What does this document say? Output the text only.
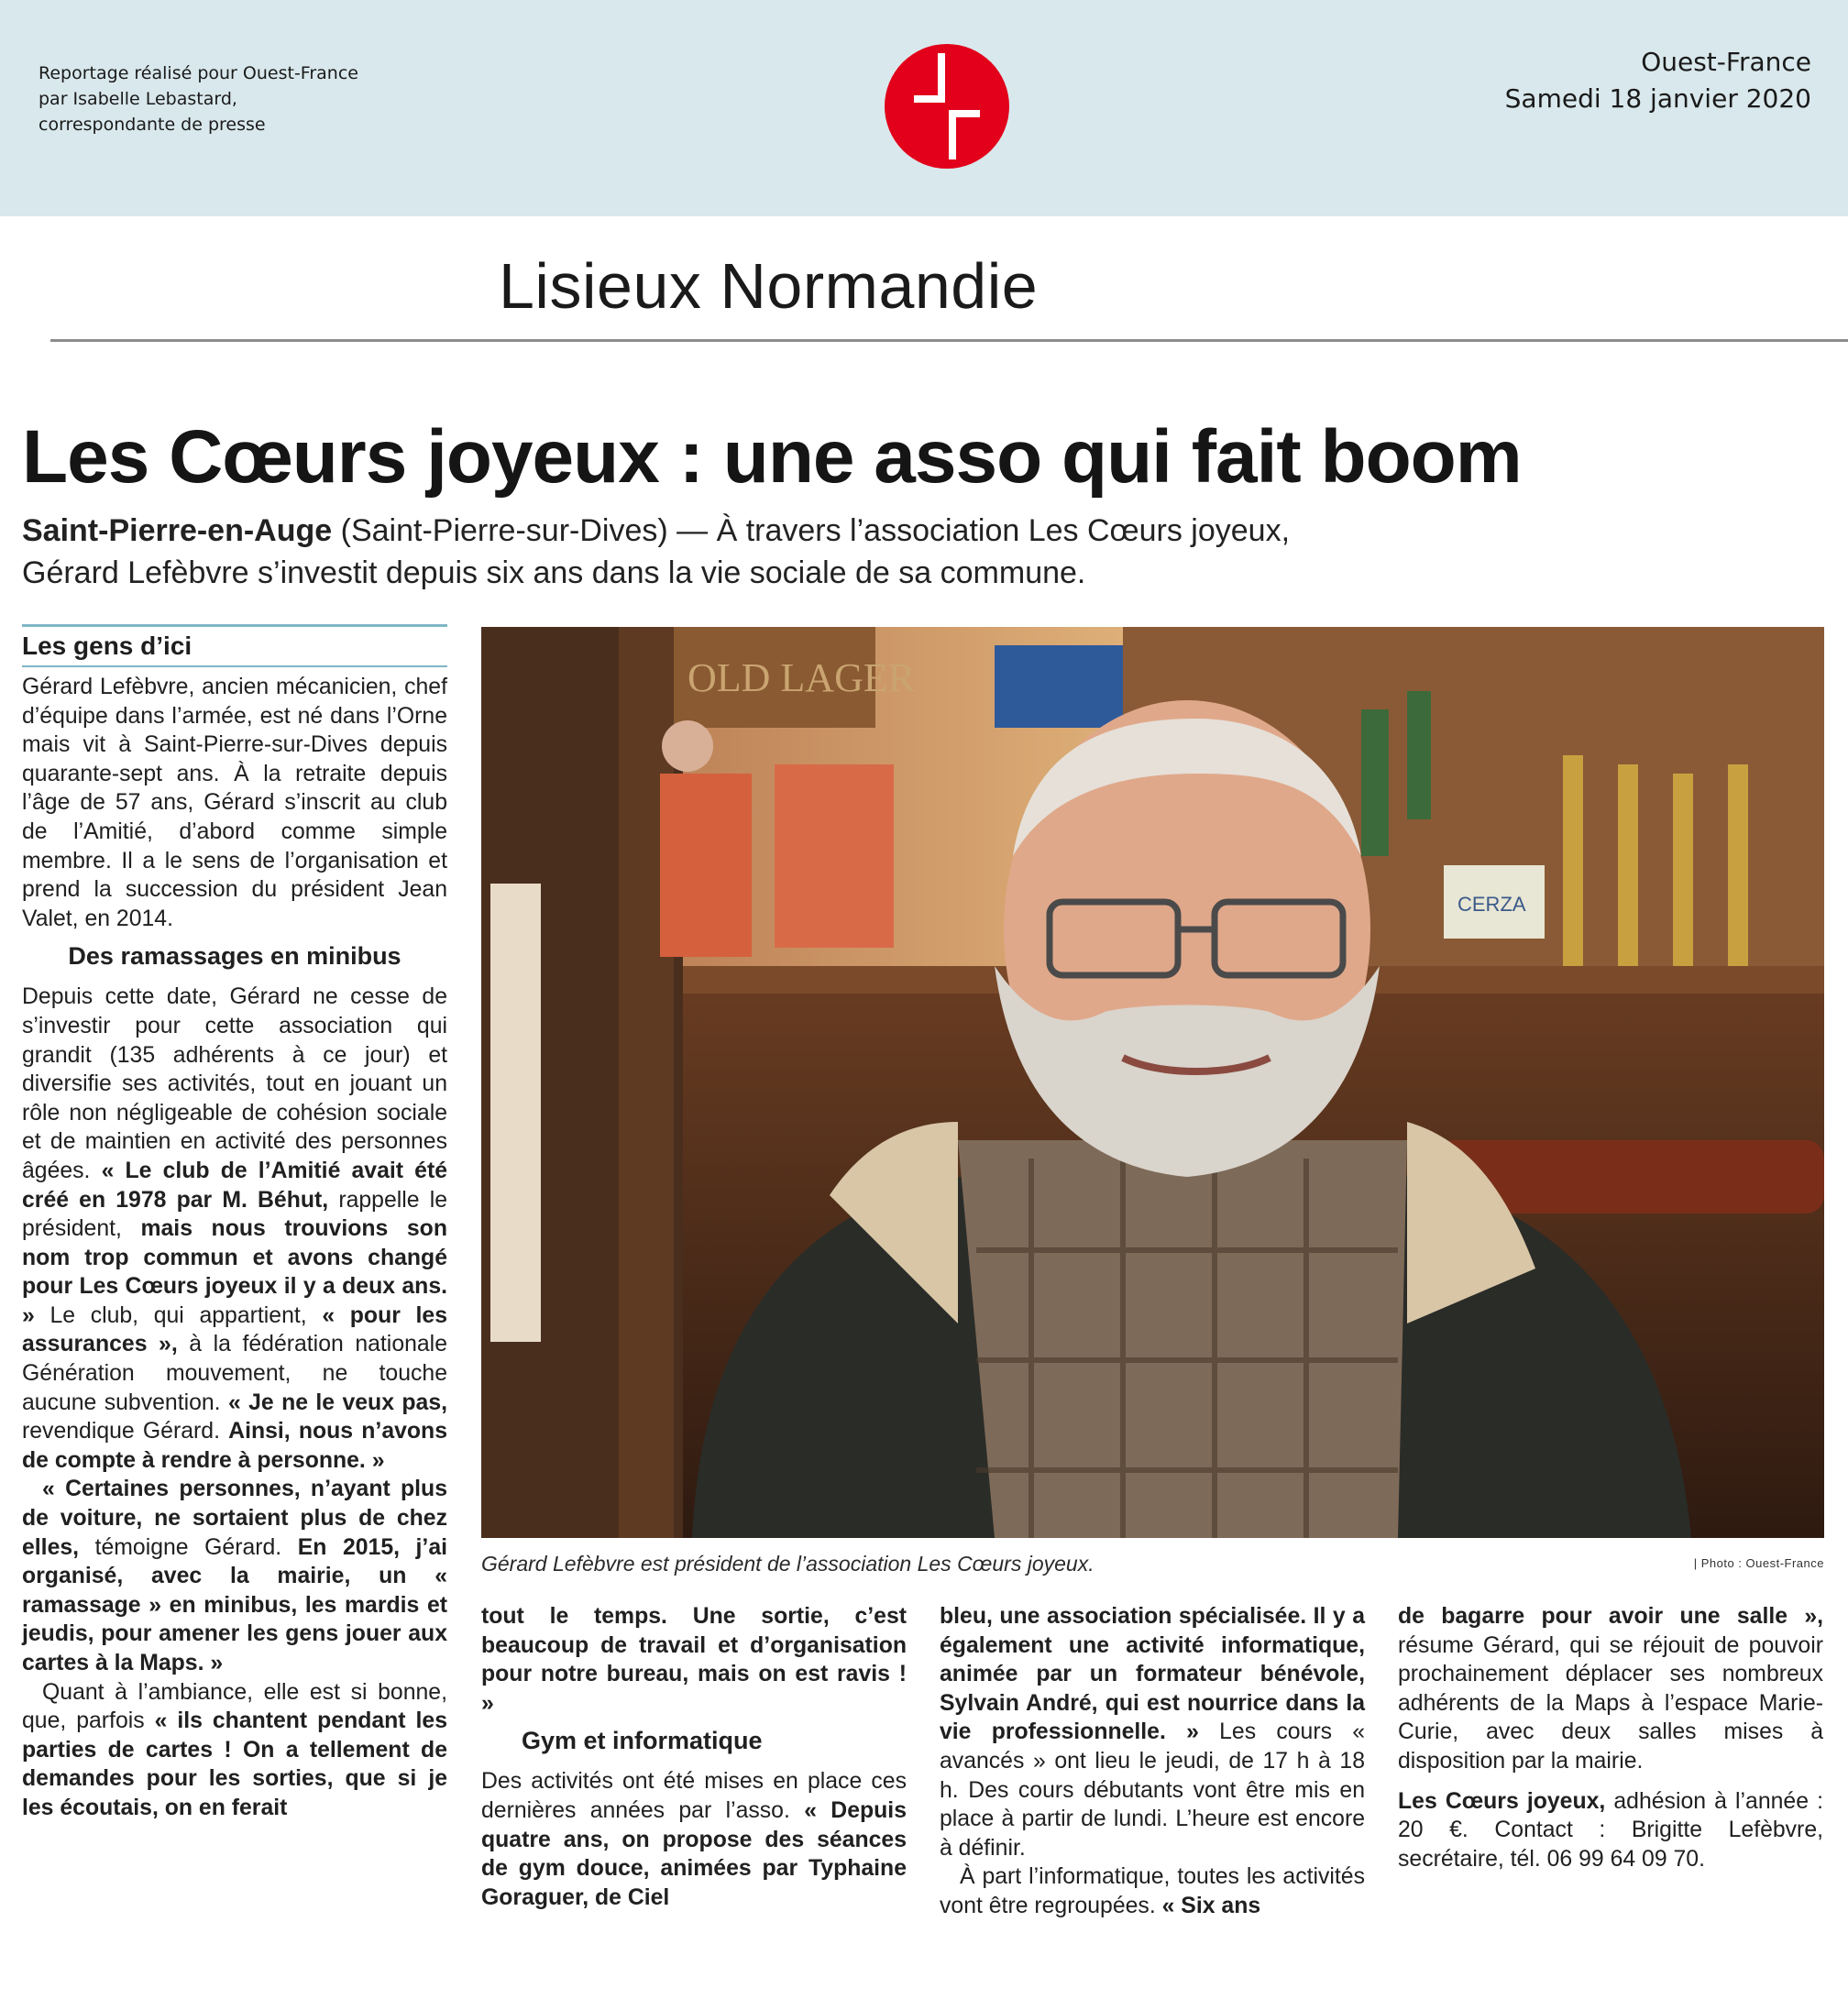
Reportage réalisé pour Ouest-France
par Isabelle Lebastard,
correspondante de presse
Ouest-France
Samedi 18 janvier 2020
Lisieux Normandie
Les Cœurs joyeux : une asso qui fait boom
Saint-Pierre-en-Auge (Saint-Pierre-sur-Dives) — À travers l’association Les Cœurs joyeux,
Gérard Lefèbvre s’investit depuis six ans dans la vie sociale de sa commune.
Les gens d’ici

Gérard Lefèbvre, ancien mécanicien, chef d’équipe dans l’armée, est né dans l’Orne mais vit à Saint-Pierre-sur-Dives depuis quarante-sept ans. À la retraite depuis l’âge de 57 ans, Gérard s’inscrit au club de l’Amitié, d’abord comme simple membre. Il a le sens de l’organisation et prend la succession du président Jean Valet, en 2014.

Des ramassages en minibus

Depuis cette date, Gérard ne cesse de s’investir pour cette association qui grandit (135 adhérents à ce jour) et diversifie ses activités, tout en jouant un rôle non négligeable de cohésion sociale et de maintien en activité des personnes âgées. « Le club de l’Amitié avait été créé en 1978 par M. Béhut, rappelle le président, mais nous trouvions son nom trop commun et avons changé pour Les Cœurs joyeux il y a deux ans. » Le club, qui appartient, « pour les assurances », à la fédération nationale Génération mouvement, ne touche aucune subvention. « Je ne le veux pas, revendique Gérard. Ainsi, nous n’avons de compte à rendre à personne. »

« Certaines personnes, n’ayant plus de voiture, ne sortaient plus de chez elles, témoigne Gérard. En 2015, j’ai organisé, avec la mairie, un « ramassage » en minibus, les mardis et jeudis, pour amener les gens jouer aux cartes à la Maps. »

Quant à l’ambiance, elle est si bonne, que, parfois « ils chantent pendant les parties de cartes ! On a tellement de demandes pour les sorties, que si je les écoutais, on en ferait

OLD LAGER
CERZA
Gérard Lefèbvre est président de l’association Les Cœurs joyeux.	| Photo : Ouest-France

tout le temps. Une sortie, c’est beaucoup de travail et d’organisation pour notre bureau, mais on est ravis ! »

Gym et informatique

Des activités ont été mises en place ces dernières années par l’asso. « Depuis quatre ans, on propose des séances de gym douce, animées par Typhaine Goraguer, de Ciel

bleu, une association spécialisée. Il y a également une activité informatique, animée par un formateur bénévole, Sylvain André, qui est nourrice dans la vie professionnelle. » Les cours « avancés » ont lieu le jeudi, de 17 h à 18 h. Des cours débutants vont être mis en place à partir de lundi. L’heure est encore à définir.

À part l’informatique, toutes les activités vont être regroupées. « Six ans

de bagarre pour avoir une salle », résume Gérard, qui se réjouit de pouvoir prochainement déplacer ses nombreux adhérents de la Maps à l’espace Marie-Curie, avec deux salles mises à disposition par la mairie.

Les Cœurs joyeux, adhésion à l’année : 20 €. Contact : Brigitte Lefèbvre, secrétaire, tél. 06 99 64 09 70.
